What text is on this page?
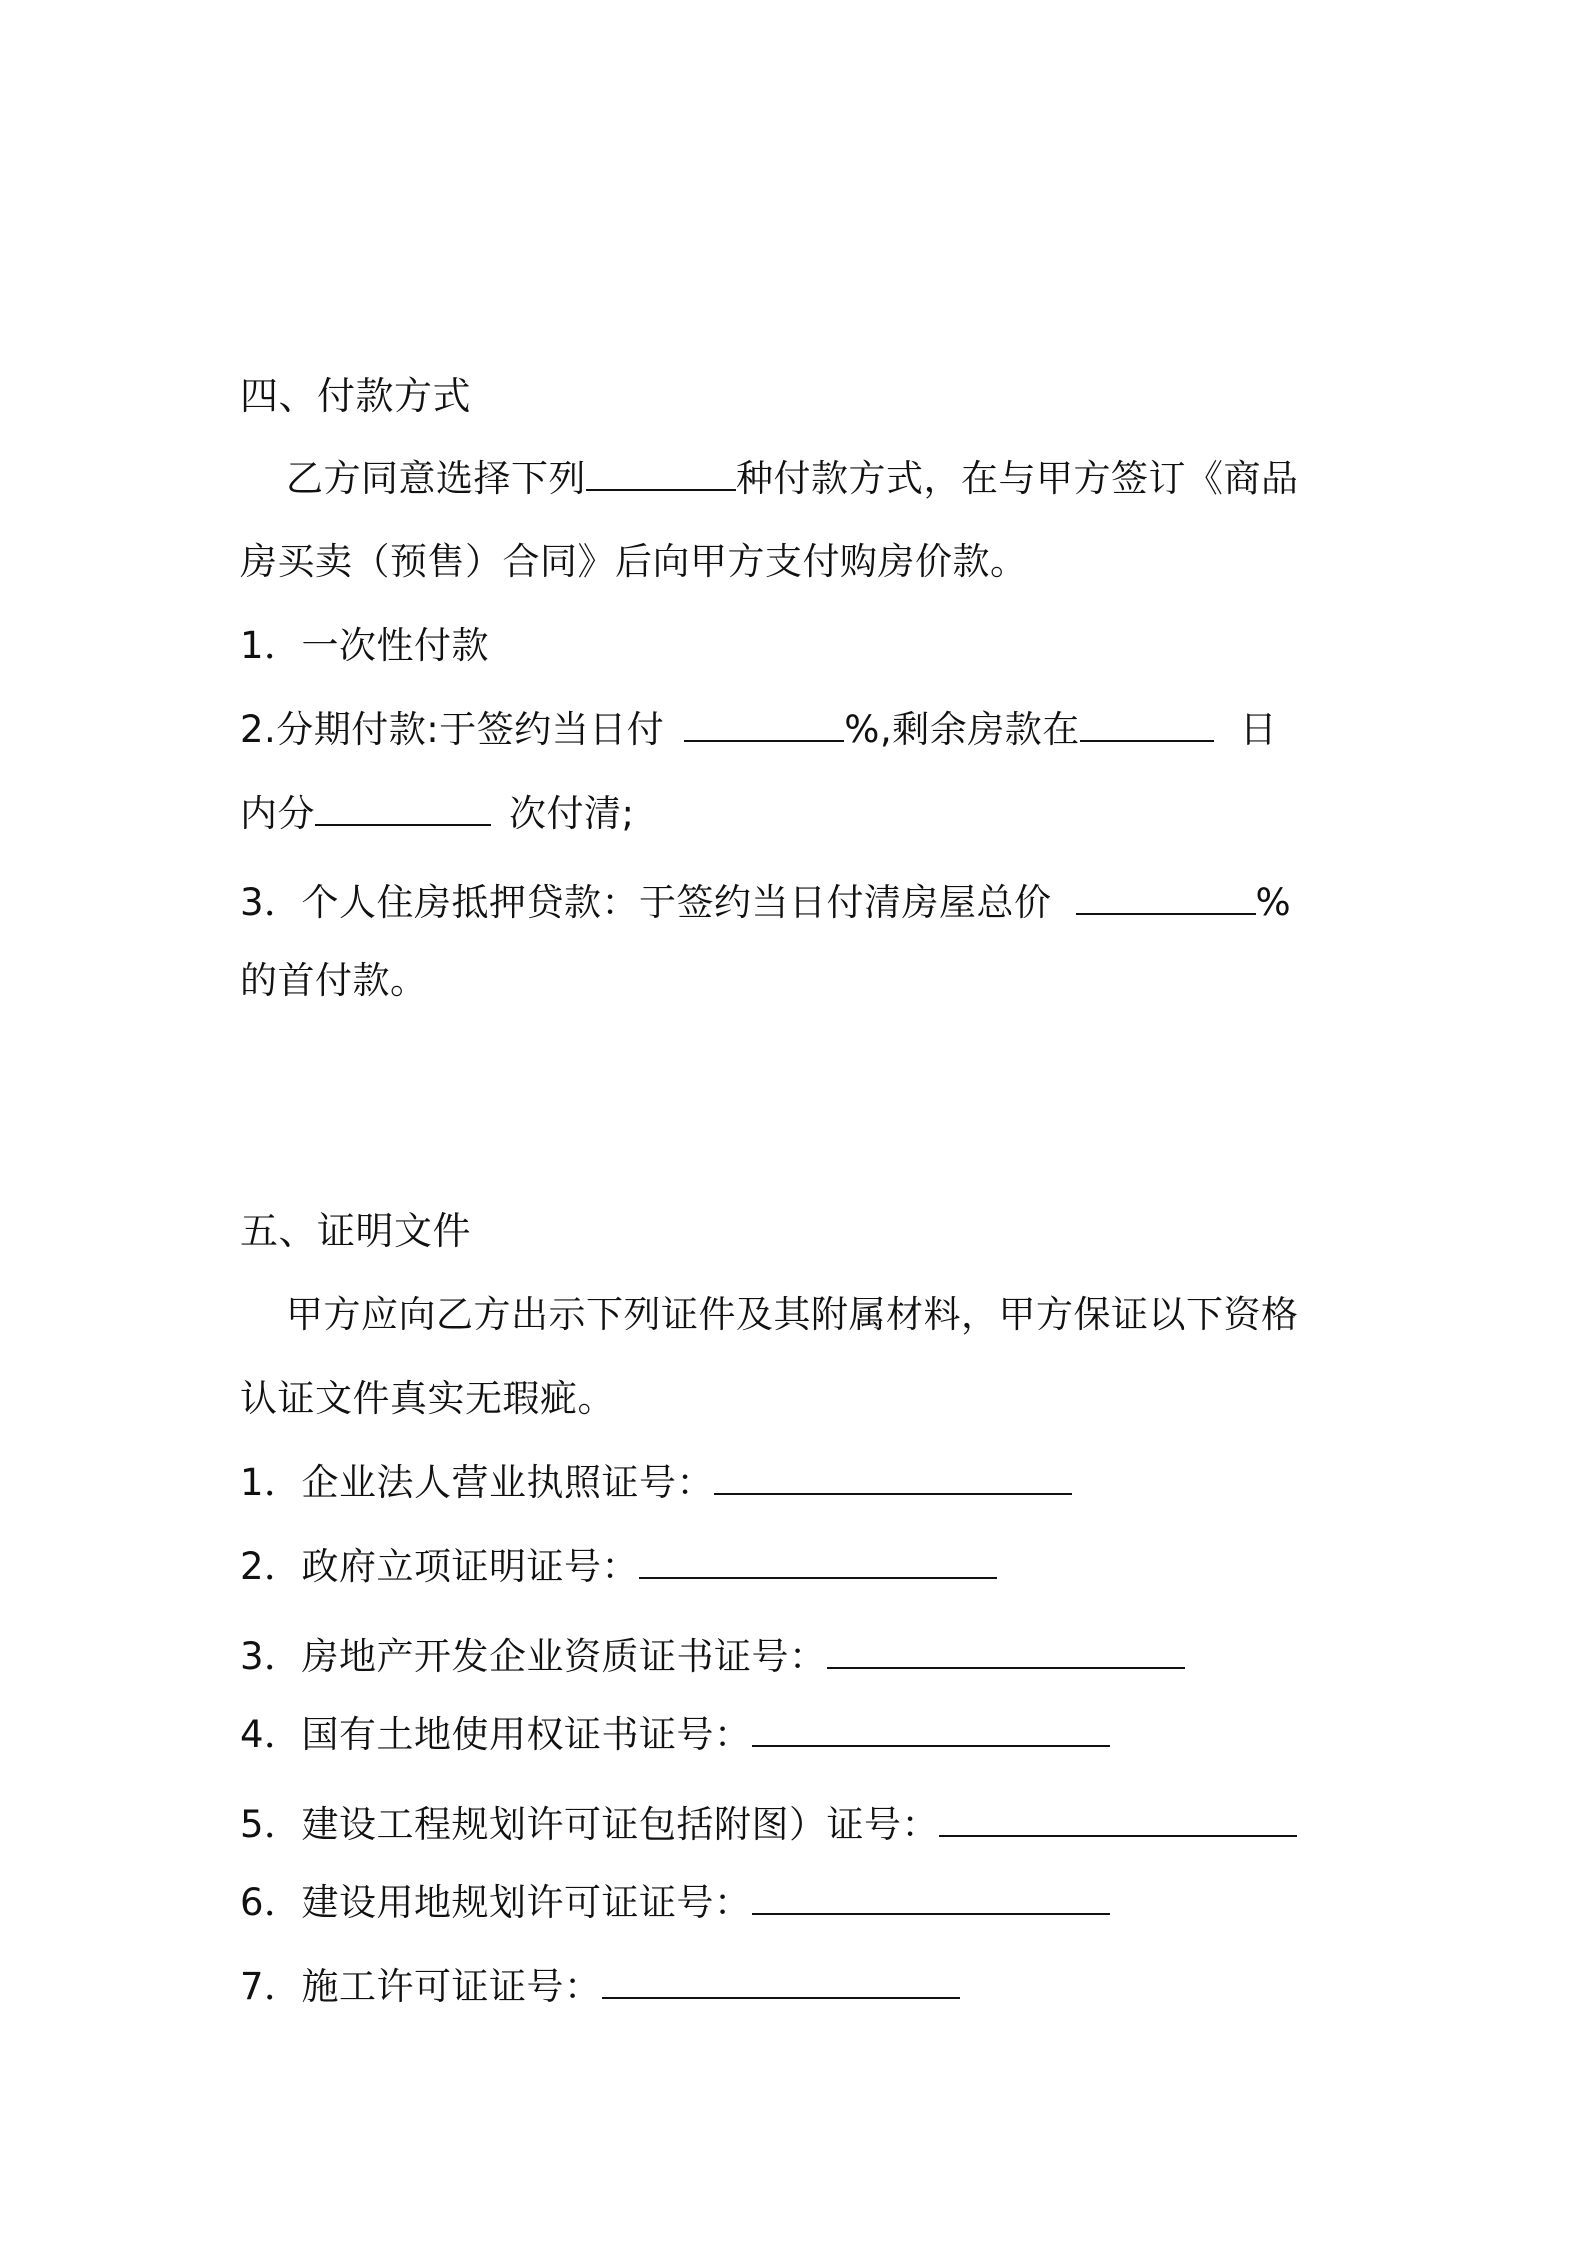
四、付款方式

乙方同意选择下列	种付款方式，在与甲方签订《商品

房买卖（预售）合同》后向甲方支付购房价款。

1．一次性付款

2.分期付款:于签约当日付	%,剩余房款在	日

内分	次付清;

3．个人住房抵押贷款：于签约当日付清房屋总价	%

的首付款。

五、证明文件

甲方应向乙方出示下列证件及其附属材料，甲方保证以下资格

认证文件真实无瑕疵。

1．企业法人营业执照证号：

2．政府立项证明证号：

3．房地产开发企业资质证书证号：

4．国有土地使用权证书证号：

5．建设工程规划许可证包括附图）证号：

6．建设用地规划许可证证号：

7．施工许可证证号：
